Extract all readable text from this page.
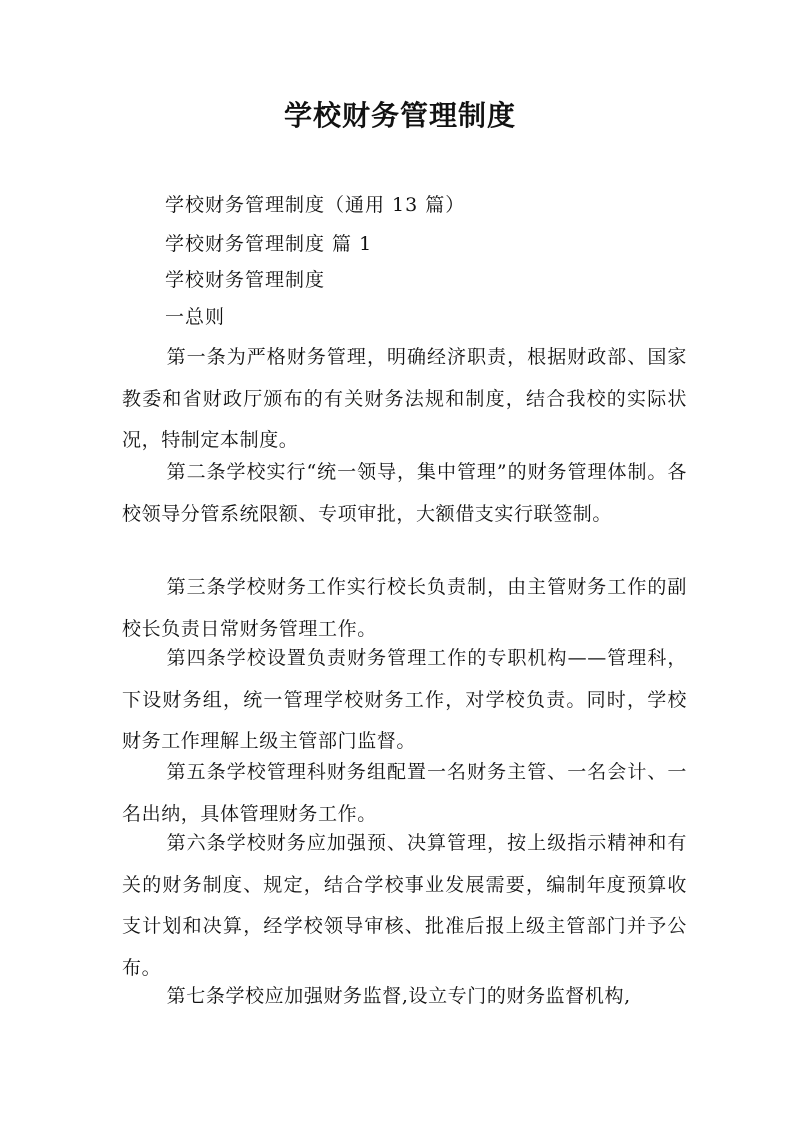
学校财务管理制度
学校财务管理制度（通用 13 篇）
学校财务管理制度 篇 1
学校财务管理制度
一总则

第一条为严格财务管理，明确经济职责，根据财政部、国家教委和省财政厅颁布的有关财务法规和制度，结合我校的实际状况，特制定本制度。

第二条学校实行“统一领导，集中管理”的财务管理体制。各校领导分管系统限额、专项审批，大额借支实行联签制。

第三条学校财务工作实行校长负责制，由主管财务工作的副校长负责日常财务管理工作。

第四条学校设置负责财务管理工作的专职机构——管理科，下设财务组，统一管理学校财务工作，对学校负责。同时，学校财务工作理解上级主管部门监督。

第五条学校管理科财务组配置一名财务主管、一名会计、一名出纳，具体管理财务工作。

第六条学校财务应加强预、决算管理，按上级指示精神和有关的财务制度、规定，结合学校事业发展需要，编制年度预算收支计划和决算，经学校领导审核、批准后报上级主管部门并予公布。

第七条学校应加强财务监督,设立专门的财务监督机构,
